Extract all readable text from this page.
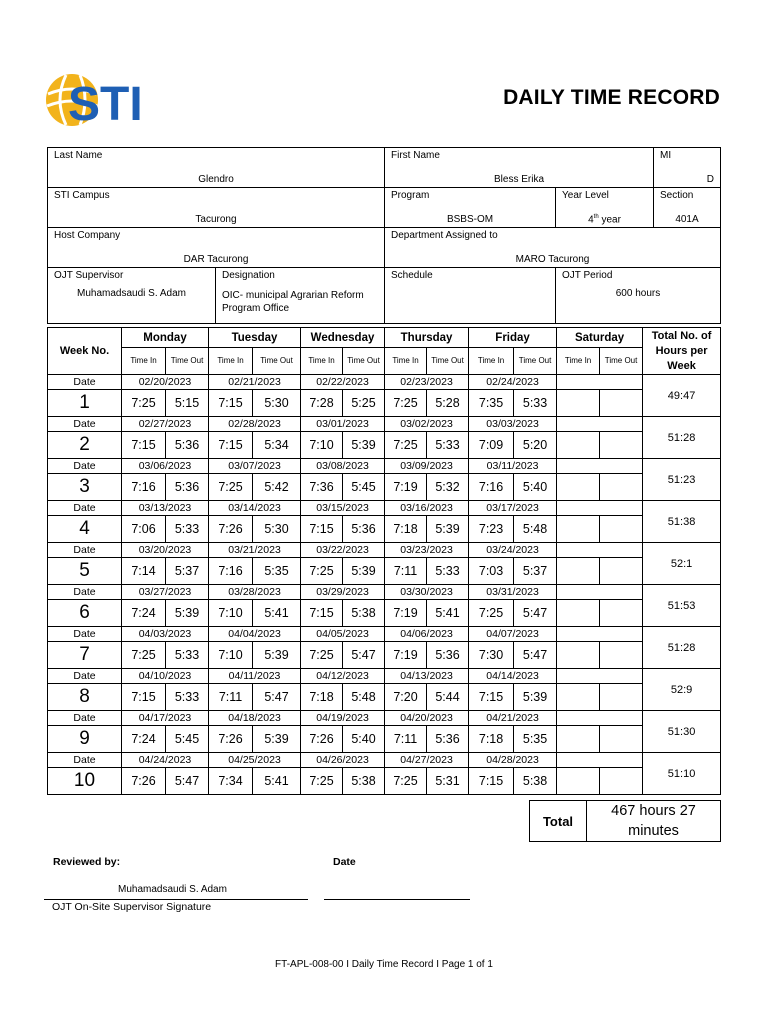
STI	DAILY TIME RECORD
Last Name
Glendro		First Name
Bless Erika		MI
D

STI Campus
Tacurong		Program
BSBS-OM	Year Level
4th year	Section
401A

Host Company
DAR Tacurong		Department Assigned to
MARO Tacurong		

OJT Supervisor
Muhamadsaudi S. Adam	Designation
OIC- municipal Agrarian Reform Program Office	Schedule	OJT Period
600 hours	
Week No.	Monday		Tuesday		Wednesday		Thursday		Friday		Saturday		Total No. of Hours per Week
	Time In	Time Out	Time In	Time Out	Time In	Time Out	Time In	Time Out	Time In	Time Out	Time In	Time Out	
Date	02/20/2023		02/21/2023		02/22/2023		02/23/2023		02/24/2023				49:47
1	7:25	5:15	7:15	5:30	7:28	5:25	7:25	5:28	7:35	5:33			
Date	02/27/2023		02/28/2023		03/01/2023		03/02/2023		03/03/2023				51:28
2	7:15	5:36	7:15	5:34	7:10	5:39	7:25	5:33	7:09	5:20			
Date	03/06/2023		03/07/2023		03/08/2023		03/09/2023		03/11/2023				51:23
3	7:16	5:36	7:25	5:42	7:36	5:45	7:19	5:32	7:16	5:40			
Date	03/13/2023		03/14/2023		03/15/2023		03/16/2023		03/17/2023				51:38
4	7:06	5:33	7:26	5:30	7:15	5:36	7:18	5:39	7:23	5:48			
Date	03/20/2023		03/21/2023		03/22/2023		03/23/2023		03/24/2023				52:1
5	7:14	5:37	7:16	5:35	7:25	5:39	7:11	5:33	7:03	5:37			
Date	03/27/2023		03/28/2023		03/29/2023		03/30/2023		03/31/2023				51:53
6	7:24	5:39	7:10	5:41	7:15	5:38	7:19	5:41	7:25	5:47			
Date	04/03/2023		04/04/2023		04/05/2023		04/06/2023		04/07/2023				51:28
7	7:25	5:33	7:10	5:39	7:25	5:47	7:19	5:36	7:30	5:47			
Date	04/10/2023		04/11/2023		04/12/2023		04/13/2023		04/14/2023				52:9
8	7:15	5:33	7:11	5:47	7:18	5:48	7:20	5:44	7:15	5:39			
Date	04/17/2023		04/18/2023		04/19/2023		04/20/2023		04/21/2023				51:30
9	7:24	5:45	7:26	5:39	7:26	5:40	7:11	5:36	7:18	5:35			
Date	04/24/2023		04/25/2023		04/26/2023		04/27/2023		04/28/2023				51:10
10	7:26	5:47	7:34	5:41	7:25	5:38	7:25	5:31	7:15	5:38			
Total	467 hours 27 minutes
Reviewed by:	Date
Muhamadsaudi S. Adam
OJT On-Site Supervisor Signature
FT-APL-008-00 I Daily Time Record I Page 1 of 1
